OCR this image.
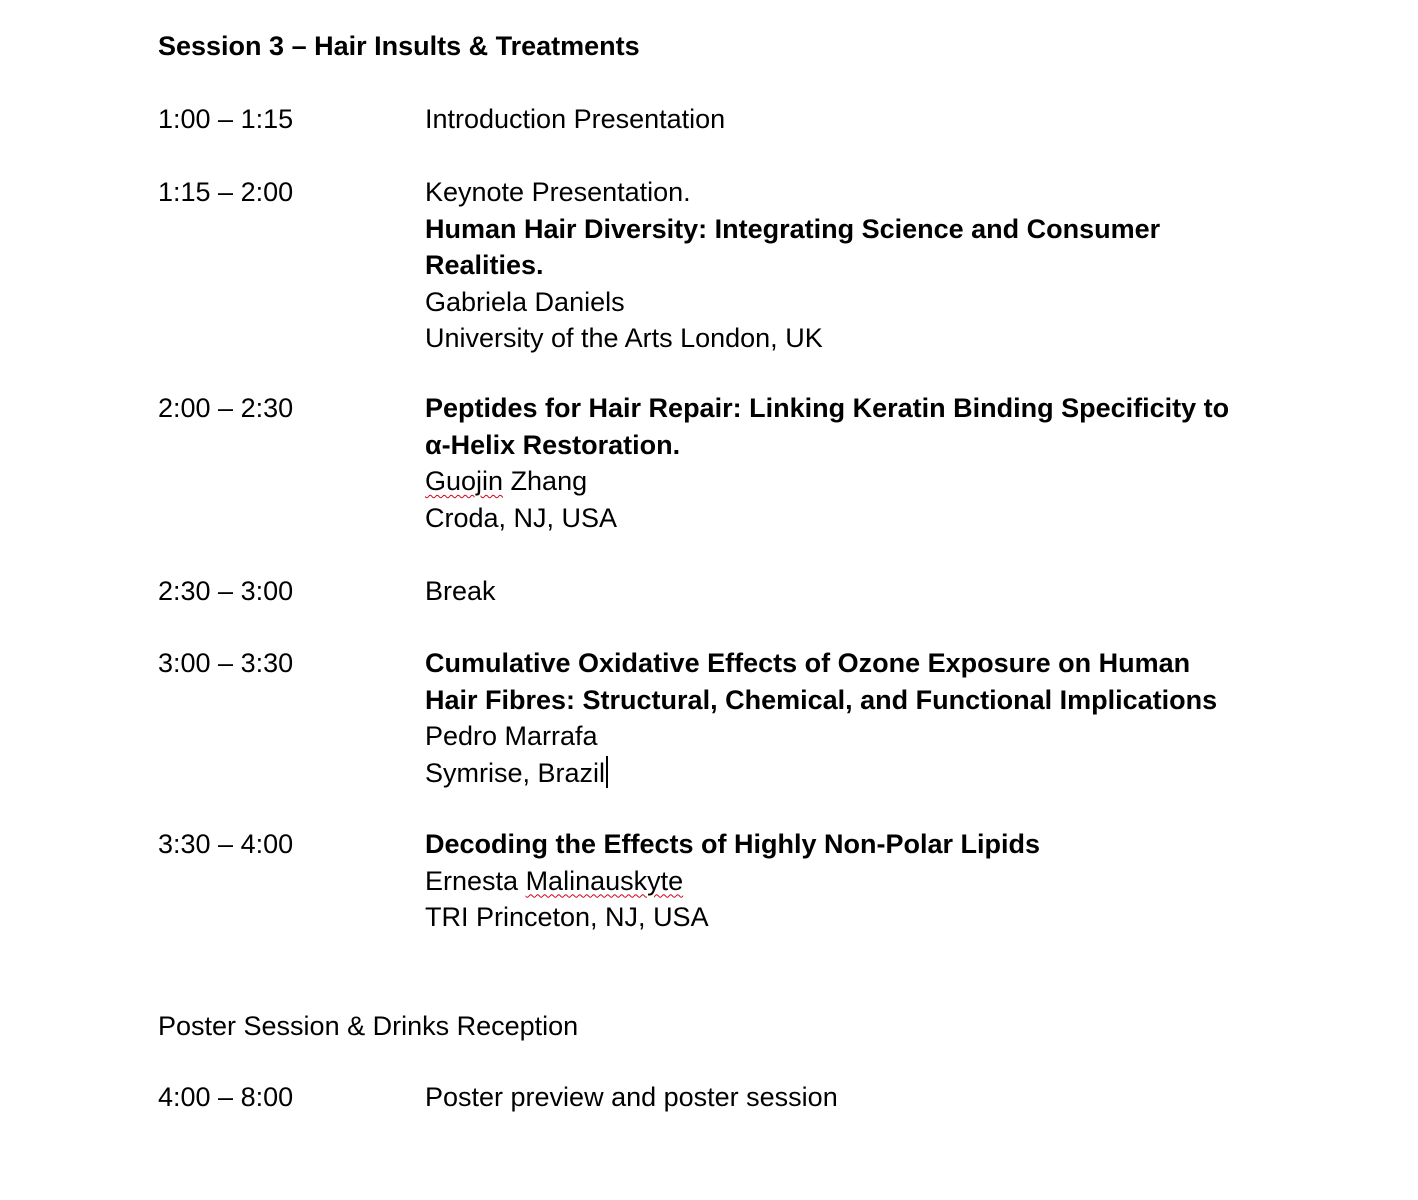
Session 3 – Hair Insults & Treatments
1:00 – 1:15	Introduction Presentation
1:15 – 2:00	Keynote Presentation.
Human Hair Diversity: Integrating Science and Consumer
Realities.
Gabriela Daniels
University of the Arts London, UK
2:00 – 2:30	Peptides for Hair Repair: Linking Keratin Binding Specificity to
α-Helix Restoration.
Guojin Zhang
Croda, NJ, USA
2:30 – 3:00	Break
3:00 – 3:30	Cumulative Oxidative Effects of Ozone Exposure on Human
Hair Fibres: Structural, Chemical, and Functional Implications
Pedro Marrafa
Symrise, Brazil
3:30 – 4:00	Decoding the Effects of Highly Non-Polar Lipids
Ernesta Malinauskyte
TRI Princeton, NJ, USA
Poster Session & Drinks Reception
4:00 – 8:00	Poster preview and poster session
